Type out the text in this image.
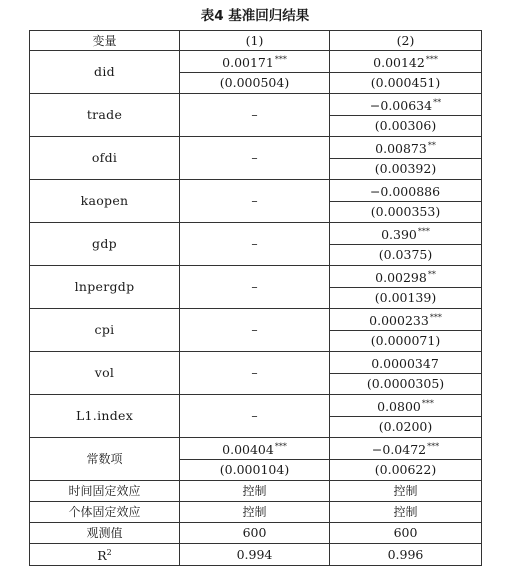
表4 基准回归结果
变量	(1)	(2)
did	0.00171***	0.00142***
	(0.000504)	(0.000451)
trade	–	−0.00634**
		(0.00306)
ofdi	–	0.00873**
		(0.00392)
kaopen	–	−0.000886
		(0.000353)
gdp	–	0.390***
		(0.0375)
lnpergdp	–	0.00298**
		(0.00139)
cpi	–	0.000233***
		(0.000071)
vol	–	0.0000347
		(0.0000305)
L1.index	–	0.0800***
		(0.0200)
常数项	0.00404***	−0.0472***
	(0.000104)	(0.00622)
时间固定效应	控制	控制
个体固定效应	控制	控制
观测值	600	600
$R^2$	0.994	0.996
